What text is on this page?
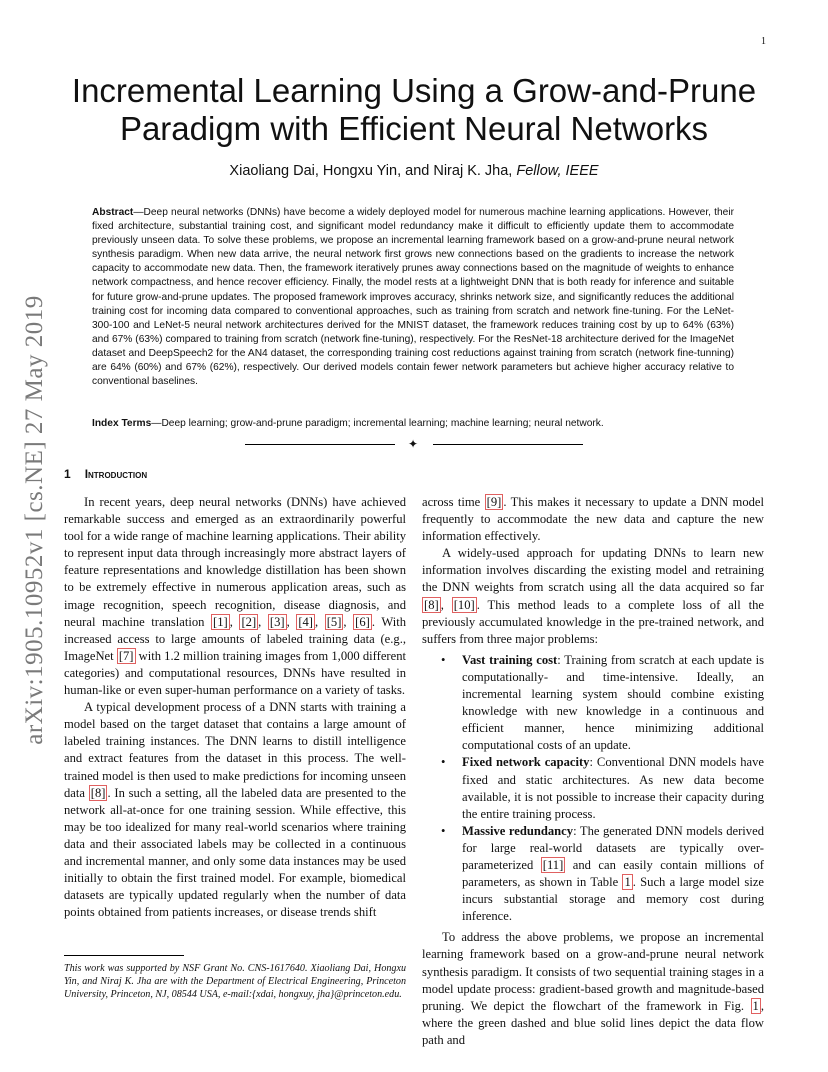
1
arXiv:1905.10952v1 [cs.NE] 27 May 2019
Incremental Learning Using a Grow-and-Prune Paradigm with Efficient Neural Networks
Xiaoliang Dai, Hongxu Yin, and Niraj K. Jha, Fellow, IEEE

Abstract—Deep neural networks (DNNs) have become a widely deployed model for numerous machine learning applications. However, their fixed architecture, substantial training cost, and significant model redundancy make it difficult to efficiently update them to accommodate previously unseen data. To solve these problems, we propose an incremental learning framework based on a grow-and-prune neural network synthesis paradigm. When new data arrive, the neural network first grows new connections based on the gradients to increase the network capacity to accommodate new data. Then, the framework iteratively prunes away connections based on the magnitude of weights to enhance network compactness, and hence recover efficiency. Finally, the model rests at a lightweight DNN that is both ready for inference and suitable for future grow-and-prune updates. The proposed framework improves accuracy, shrinks network size, and significantly reduces the additional training cost for incoming data compared to conventional approaches, such as training from scratch and network fine-tuning. For the LeNet-300-100 and LeNet-5 neural network architectures derived for the MNIST dataset, the framework reduces training cost by up to 64% (63%) and 67% (63%) compared to training from scratch (network fine-tuning), respectively. For the ResNet-18 architecture derived for the ImageNet dataset and DeepSpeech2 for the AN4 dataset, the corresponding training cost reductions against training from scratch (network fine-tunning) are 64% (60%) and 67% (62%), respectively. Our derived models contain fewer network parameters but achieve higher accuracy relative to conventional baselines.

Index Terms—Deep learning; grow-and-prune paradigm; incremental learning; machine learning; neural network.

✦
1 Introduction

In recent years, deep neural networks (DNNs) have achieved remarkable success and emerged as an extraordinarily powerful tool for a wide range of machine learning applications. Their ability to represent input data through increasingly more abstract layers of feature representations and knowledge distillation has been shown to be extremely effective in numerous application areas, such as image recognition, speech recognition, disease diagnosis, and neural machine translation [1] , [2] , [3] , [4] , [5] , [6] . With increased access to large amounts of labeled training data (e.g., ImageNet [7] with 1.2 million training images from 1,000 different categories) and computational resources, DNNs have resulted in human-like or even super-human performance on a variety of tasks.

A typical development process of a DNN starts with training a model based on the target dataset that contains a large amount of labeled training instances. The DNN learns to distill intelligence and extract features from the dataset in this process. The well-trained model is then used to make predictions for incoming unseen data [8] . In such a setting, all the labeled data are presented to the network all-at-once for one training session. While effective, this may be too idealized for many real-world scenarios where training data and their associated labels may be collected in a continuous and incremental manner, and only some data instances may be used initially to obtain the first trained model. For example, biomedical datasets are typically updated regularly when the number of data points obtained from patients increases, or disease trends shift

across time [9] . This makes it necessary to update a DNN model frequently to accommodate the new data and capture the new information effectively.

A widely-used approach for updating DNNs to learn new information involves discarding the existing model and retraining the DNN weights from scratch using all the data acquired so far [8] , [10] . This method leads to a complete loss of all the previously accumulated knowledge in the pre-trained network, and suffers from three major problems:

• Vast training cost: Training from scratch at each update is computationally- and time-intensive. Ideally, an incremental learning system should combine existing knowledge with new knowledge in a continuous and efficient manner, hence minimizing additional computational costs of an update.
• Fixed network capacity: Conventional DNN models have fixed and static architectures. As new data become available, it is not possible to increase their capacity during the entire training process.
• Massive redundancy: The generated DNN models derived for large real-world datasets are typically over-parameterized [11] and can easily contain millions of parameters, as shown in Table 1 . Such a large model size incurs substantial storage and memory cost during inference.

To address the above problems, we propose an incremental learning framework based on a grow-and-prune neural network synthesis paradigm. It consists of two sequential training stages in a model update process: gradient-based growth and magnitude-based pruning. We depict the flowchart of the framework in Fig. 1 , where the green dashed and blue solid lines depict the data flow path and

This work was supported by NSF Grant No. CNS-1617640. Xiaoliang Dai, Hongxu Yin, and Niraj K. Jha are with the Department of Electrical Engineering, Princeton University, Princeton, NJ, 08544 USA, e-mail:{xdai, hongxuy, jha}@princeton.edu.
